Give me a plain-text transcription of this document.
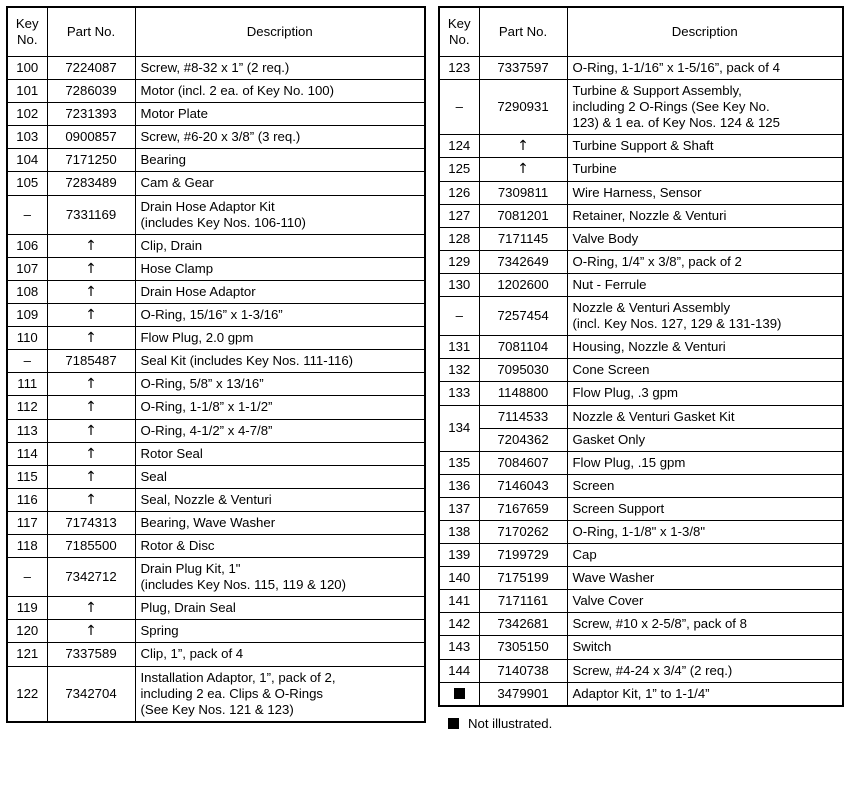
Key
No.	Part No.	Description
100	7224087	Screw, #8-32 x 1” (2 req.)

101	7286039	Motor (incl. 2 ea. of Key No. 100)

102	7231393	Motor Plate

103	0900857	Screw, #6-20 x 3/8” (3 req.)

104	7171250	Bearing

105	7283489	Cam & Gear

–	7331169	Drain Hose Adaptor Kit
(includes Key Nos. 106-110)

106	↑	Clip, Drain

107	↑	Hose Clamp

108	↑	Drain Hose Adaptor

109	↑	O-Ring, 15/16” x 1-3/16”

110	↑	Flow Plug, 2.0 gpm

–	7185487	Seal Kit (includes Key Nos. 111-116)

111	↑	O-Ring, 5/8” x 13/16”

112	↑	O-Ring, 1-1/8” x 1-1/2”

113	↑	O-Ring, 4-1/2” x 4-7/8”

114	↑	Rotor Seal

115	↑	Seal

116	↑	Seal, Nozzle & Venturi

117	7174313	Bearing, Wave Washer

118	7185500	Rotor & Disc

–	7342712	Drain Plug Kit, 1"
(includes Key Nos. 115, 119 & 120)

119	↑	Plug, Drain Seal

120	↑	Spring

121	7337589	Clip, 1”, pack of 4

122	7342704	Installation Adaptor, 1”, pack of 2,
including 2 ea. Clips & O-Rings
(See Key Nos. 121 & 123)
Key
No.	Part No.	Description
123	7337597	O-Ring, 1-1/16” x 1-5/16”, pack of 4

–	7290931	Turbine & Support Assembly,
including 2 O-Rings (See Key No.
123) & 1 ea. of Key Nos. 124 & 125

124	↑	Turbine Support & Shaft

125	↑	Turbine

126	7309811	Wire Harness, Sensor

127	7081201	Retainer, Nozzle & Venturi

128	7171145	Valve Body

129	7342649	O-Ring, 1/4” x 3/8”, pack of 2

130	1202600	Nut - Ferrule

–	7257454	Nozzle & Venturi Assembly
(incl. Key Nos. 127, 129 & 131-139)

131	7081104	Housing, Nozzle & Venturi

132	7095030	Cone Screen

133	1148800	Flow Plug, .3 gpm

134	7114533	Nozzle & Venturi Gasket Kit

	7204362	Gasket Only

135	7084607	Flow Plug, .15 gpm

136	7146043	Screen

137	7167659	Screen Support

138	7170262	O-Ring, 1-1/8" x 1-3/8"

139	7199729	Cap

140	7175199	Wave Washer

141	7171161	Valve Cover

142	7342681	Screw, #10 x 2-5/8”, pack of 8

143	7305150	Switch

144	7140738	Screw, #4-24 x 3/4” (2 req.)

	3479901	Adaptor Kit, 1” to 1-1/4”
Not illustrated.
